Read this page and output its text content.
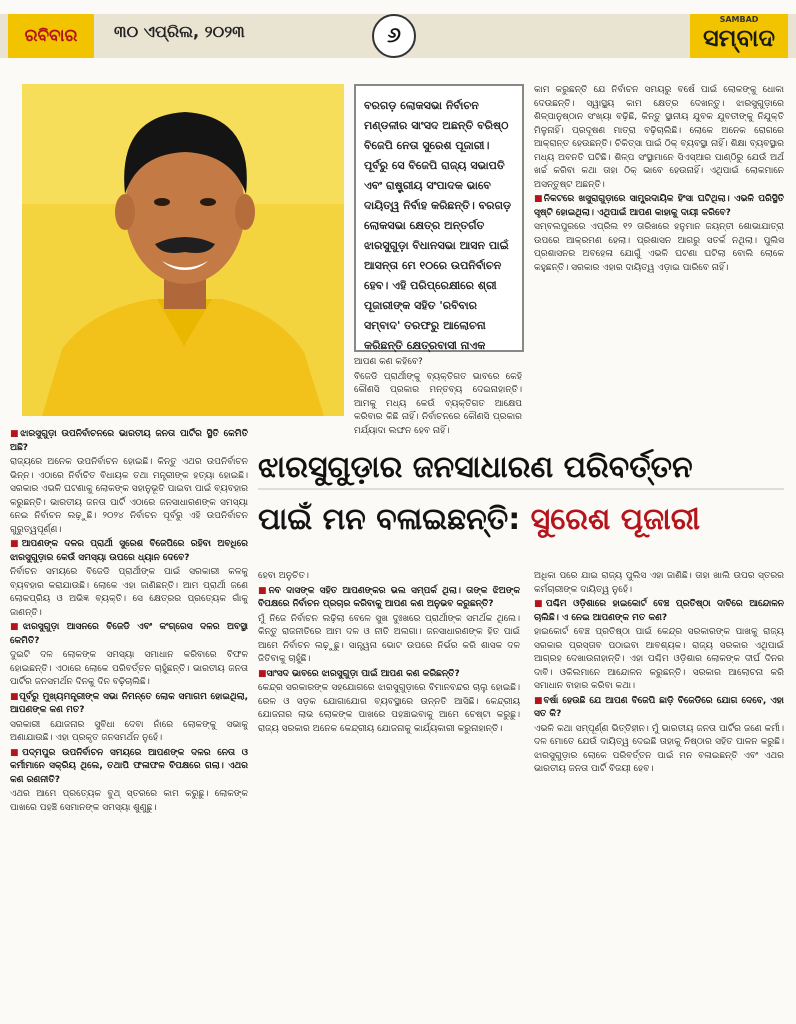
ରବିବାର	୩୦ ଏପ୍ରିଲ, ୨୦୨୩	୬
SAMBAD
ସମ୍ବାଦ
ବରଗଡ଼ ଲୋକସଭା ନିର୍ବାଚନ ମଣ୍ଡଳୀର ସାଂସଦ ଅଛନ୍ତି ବରିଷ୍ଠ ବିଜେପି ନେତା ସୁରେଶ ପୂଜାରୀ। ପୂର୍ବରୁ ସେ ବିଜେପି ରାଜ୍ୟ ସଭାପତି ଏବଂ ରାଷ୍ଟ୍ରୀୟ ସଂପାଦକ ଭାବେ ଦାୟିତ୍ୱ ନିର୍ବାହ କରିଛନ୍ତି। ବରଗଡ଼ ଲୋକସଭା କ୍ଷେତ୍ର ଅନ୍ତର୍ଗତ ଝାରସୁଗୁଡ଼ା ବିଧାନସଭା ଆସନ ପାଇଁ ଆସନ୍ତା ମେ ୧୦ରେ ଉପନିର୍ବାଚନ ହେବ। ଏହି ପରିପ୍ରେକ୍ଷୀରେ ଶ୍ରୀ ପୂଜାରୀଙ୍କ ସହିତ 'ରବିବାର ସମ୍ବାଦ' ତରଫରୁ ଆଲୋଚନା କରିଛନ୍ତି କ୍ଷେତ୍ରବାସୀ ନାଏକ

ଆପଣ କଣ କହିବେ?

ବିଜେଡି ପ୍ରାର୍ଥୀଙ୍କୁ ବ୍ୟକ୍ତିଗତ ଭାବରେ କେହି କୌଣସି ପ୍ରକାର ମନ୍ତବ୍ୟ ଦେଇନାହାନ୍ତି। ଆମକୁ ମଧ୍ୟ କେଉଁ ବ୍ୟକ୍ତିଗତ ଆକ୍ଷେପ କରିବାର କିଛି ନାହିଁ। ନିର୍ବାଚନରେ କୌଣସି ପ୍ରକାର ମର୍ଯ୍ୟାଦା ଲଙ୍ଘନ ହେବ ନାହିଁ।

କାମ କରୁଛନ୍ତି ଯେ ନିର୍ବାଚନ ସମୟରୁ ବର୍ଷେ ପାଇଁ ଲୋକଙ୍କୁ ଧୋକା ଦେଉଛନ୍ତି। ସ୍ୱାସ୍ଥ୍ୟ କାମ କ୍ଷେତ୍ର ଦେଖନ୍ତୁ। ଝାରସୁଗୁଡ଼ାରେ ଶିଳ୍ପାନୁଷ୍ଠାନ ସଂଖ୍ୟା ବଢ଼ିଛି, କିନ୍ତୁ ସ୍ଥାନୀୟ ଯୁବକ ଯୁବତୀଙ୍କୁ ନିଯୁକ୍ତି ମିଳୁନାହିଁ। ପ୍ରଦୂଷଣ ମାତ୍ରା ବଢ଼ିଚାଲିଛି। ଲୋକେ ଅନେକ ରୋଗରେ ଆକ୍ରାନ୍ତ ହେଉଛନ୍ତି। ଚିକିତ୍ସା ପାଇଁ ଠିକ୍ ବ୍ୟବସ୍ଥା ନାହିଁ। ଶିକ୍ଷା ବ୍ୟବସ୍ଥାର ମଧ୍ୟ ଅବନତି ଘଟିଛି। ଶିଳ୍ପ ସଂସ୍ଥାମାନେ ସିଏସ୍ଆର ପାଣ୍ଠିରୁ ଯେଉଁ ଅର୍ଥ ଖର୍ଚ୍ଚ କରିବା କଥା ତାହା ଠିକ୍ ଭାବେ ହେଉନାହିଁ। ଏଥିପାଇଁ ଲୋକମାନେ ଅସନ୍ତୁଷ୍ଟ ଅଛନ୍ତି।

■ ନିକଟରେ ଖସୁରାଗୁଡ଼ାରେ ସାମ୍ପ୍ରଦାୟିକ ହିଂସା ଘଟିଥିଲା। ଏଭଳି ପରିସ୍ଥିତି ସୃଷ୍ଟି ହୋଇଥିଲା। ଏଥିପାଇଁ ଆପଣ କାହାକୁ ଦାୟୀ କରିବେ?

ସମ୍ବଲପୁରରେ ଏପ୍ରିଲ ୧୨ ତାରିଖରେ ହନୁମାନ ଜୟନ୍ତୀ ଶୋଭାଯାତ୍ରା ଉପରେ ଆକ୍ରମଣ ହେଲା। ପ୍ରଶାସନ ଆଗରୁ ସତର୍କ ନଥିଲା। ପୁଲିସ ପ୍ରଶାସନର ଅବହେଳା ଯୋଗୁଁ ଏଭଳି ଘଟଣା ଘଟିଲା ବୋଲି ଲୋକେ କହୁଛନ୍ତି। ସରକାର ଏହାର ଦାୟିତ୍ୱ ଏଡ଼ାଇ ପାରିବେ ନାହିଁ।

■ ଝାରସୁଗୁଡ଼ା ଉପନିର୍ବାଚନରେ ଭାରତୀୟ ଜନତା ପାର୍ଟିର ସ୍ଥିତି କେମିତି ଅଛି?

ରାଜ୍ୟରେ ଅନେକ ଉପନିର୍ବାଚନ ହୋଇଛି। କିନ୍ତୁ ଏଥର ଉପନିର୍ବାଚନ ଭିନ୍ନ। ଏଠାରେ ନିର୍ବାଚିତ ବିଧାୟକ ତଥା ମନ୍ତ୍ରୀଙ୍କ ହତ୍ୟା ହୋଇଛି। ସରକାର ଏଭଳି ଘଟଣାକୁ ଲୋକଙ୍କ ସହାନୁଭୂତି ପାଇବା ପାଇଁ ବ୍ୟବହାର କରୁଛନ୍ତି। ଭାରତୀୟ ଜନତା ପାର୍ଟି ଏଠାରେ ଜନସାଧାରଣଙ୍କ ସମସ୍ୟା ନେଇ ନିର୍ବାଚନ ଲଢ଼ୁଛି। ୨୦୨୪ ନିର୍ବାଚନ ପୂର୍ବରୁ ଏହି ଉପନିର୍ବାଚନ ଗୁରୁତ୍ୱପୂର୍ଣ୍ଣ।

■ ଆପଣଙ୍କ ଦଳର ପ୍ରାର୍ଥୀ ସୁରେଶ ବିଜେପିରେ ରହିବା ଅବଧିରେ ଝାରସୁଗୁଡ଼ାର କେଉଁ ସମସ୍ୟା ଉପରେ ଧ୍ୟାନ ଦେବେ?

ନିର୍ବାଚନ ସମୟରେ ବିଜେଡି ପ୍ରାର୍ଥୀଙ୍କ ପାଇଁ ସରକାରୀ କଳକୁ ବ୍ୟବହାର କରାଯାଉଛି। ଲୋକେ ଏହା ଜାଣିଛନ୍ତି। ଆମ ପ୍ରାର୍ଥୀ ଜଣେ ଲୋକପ୍ରିୟ ଓ ଅଭିଜ୍ଞ ବ୍ୟକ୍ତି। ସେ କ୍ଷେତ୍ରର ପ୍ରତ୍ୟେକ ଗାଁକୁ ଜାଣନ୍ତି।

■ ଝାରସୁଗୁଡ଼ା ଆସନରେ ବିଜେଡି ଏବଂ କଂଗ୍ରେସ ଦଳର ଅବସ୍ଥା କେମିତି?

ଦୁଇଟି ଦଳ ଲୋକଙ୍କ ସମସ୍ୟା ସମାଧାନ କରିବାରେ ବିଫଳ ହୋଇଛନ୍ତି। ଏଠାରେ ଲୋକେ ପରିବର୍ତ୍ତନ ଚାହୁଁଛନ୍ତି। ଭାରତୀୟ ଜନତା ପାର୍ଟିର ଜନସମର୍ଥନ ଦିନକୁ ଦିନ ବଢ଼ିଚାଲିଛି।

■ ପୂର୍ବରୁ ମୁଖ୍ୟମନ୍ତ୍ରୀଙ୍କ ସଭା ନିମନ୍ତେ ଲୋକ ସମାଗମ ହୋଇଥିଲା, ଆପଣଙ୍କ କଣ ମତ?

ସରକାରୀ ଯୋଜନାର ସୁବିଧା ଦେବା ନାଁରେ ଲୋକଙ୍କୁ ସଭାକୁ ଅଣାଯାଉଛି। ଏହା ପ୍ରକୃତ ଜନସମର୍ଥନ ନୁହେଁ।

■ ପଦ୍ମପୁର ଉପନିର୍ବାଚନ ସମୟରେ ଆପଣଙ୍କ ଦଳର ନେତା ଓ କର୍ମୀମାନେ ସକ୍ରିୟ ଥିଲେ, ତଥାପି ଫଳାଫଳ ବିପକ୍ଷରେ ଗଲା। ଏଥର କଣ ରଣନୀତି?

ଏଥର ଆମେ ପ୍ରତ୍ୟେକ ବୁଥ୍ ସ୍ତରରେ କାମ କରୁଛୁ। ଲୋକଙ୍କ ପାଖରେ ପହଞ୍ଚି ସେମାନଙ୍କ ସମସ୍ୟା ଶୁଣୁଛୁ।

ଝାରସୁଗୁଡ଼ାର ଜନସାଧାରଣ ପରିବର୍ତ୍ତନ
ପାଇଁ ମନ ବଳାଇଛନ୍ତି: ସୁରେଶ ପୂଜାରୀ

ହେବା ଅନୁଚିତ।

■ ନବ ଦାସଙ୍କ ସହିତ ଆପଣଙ୍କର ଭଲ ସମ୍ପର୍କ ଥିଲା। ତାଙ୍କ ଝିଅଙ୍କ ବିପକ୍ଷରେ ନିର୍ବାଚନ ପ୍ରଚାର କରିବାକୁ ଆପଣ କଣ ଅନୁଭବ କରୁଛନ୍ତି?

ମୁଁ ନିଜେ ନିର୍ବାଚନ ଲଢ଼ିଲା ବେଳେ ସୁଖ ଦୁଃଖରେ ପ୍ରାର୍ଥୀଙ୍କ ସମର୍ଥକ ଥିଲେ। କିନ୍ତୁ ରାଜନୀତିରେ ଆମ ଦଳ ଓ ନୀତି ଅଲଗା। ଜନସାଧାରଣଙ୍କ ହିତ ପାଇଁ ଆମେ ନିର୍ବାଚନ ଲଢ଼ୁଛୁ। ସାନ୍ତ୍ୱନା ଭୋଟ ଉପରେ ନିର୍ଭର କରି ଶାସକ ଦଳ ଜିତିବାକୁ ଚାହୁଁଛି।

■ ସାଂସଦ ଭାବରେ ଝାରସୁଗୁଡ଼ା ପାଇଁ ଆପଣ କଣ କରିଛନ୍ତି?

କେନ୍ଦ୍ର ସରକାରଙ୍କ ସହଯୋଗରେ ଝାରସୁଗୁଡ଼ାରେ ବିମାନବନ୍ଦର ଚାଲୁ ହୋଇଛି। ରେଳ ଓ ସଡ଼କ ଯୋଗାଯୋଗ ବ୍ୟବସ୍ଥାରେ ଉନ୍ନତି ଆସିଛି। କେନ୍ଦ୍ରୀୟ ଯୋଜନାର ଲାଭ ଲୋକଙ୍କ ପାଖରେ ପହଞ୍ଚାଇବାକୁ ଆମେ ଚେଷ୍ଟା କରୁଛୁ। ରାଜ୍ୟ ସରକାର ଅନେକ କେନ୍ଦ୍ରୀୟ ଯୋଜନାକୁ କାର୍ଯ୍ୟକାରୀ କରୁନାହାନ୍ତି।

ଅଧିକା ପରେ ଯାଇ ରାଜ୍ୟ ପୁଲିସ ଏହା ଜାଣିଛି। ତାହା ଖାଲି ଉପର ସ୍ତରର କର୍ମଚାରୀଙ୍କ ଦାୟିତ୍ୱ ନୁହେଁ।

■ ପଶ୍ଚିମ ଓଡ଼ିଶାରେ ହାଇକୋର୍ଟ ବେଞ୍ଚ ପ୍ରତିଷ୍ଠା ଦାବିରେ ଆନ୍ଦୋଳନ ଚାଲିଛି। ଏ ନେଇ ଆପଣଙ୍କ ମତ କଣ?

ହାଇକୋର୍ଟ ବେଞ୍ଚ ପ୍ରତିଷ୍ଠା ପାଇଁ କେନ୍ଦ୍ର ସରକାରଙ୍କ ପାଖକୁ ରାଜ୍ୟ ସରକାର ପ୍ରସ୍ତାବ ପଠାଇବା ଆବଶ୍ୟକ। ରାଜ୍ୟ ସରକାର ଏଥିପାଇଁ ଆଗ୍ରହ ଦେଖାଉନାହାନ୍ତି। ଏହା ପଶ୍ଚିମ ଓଡ଼ିଶାର ଲୋକଙ୍କ ଦୀର୍ଘ ଦିନର ଦାବି। ଓକିଲମାନେ ଆନ୍ଦୋଳନ କରୁଛନ୍ତି। ସରକାର ଆଲୋଚନା କରି ସମାଧାନ ବାହାର କରିବା କଥା।

■ ବର୍ଷା ହେଉଛି ଯେ ଆପଣ ବିଜେପି ଛାଡ଼ି ବିଜେଡିରେ ଯୋଗ ଦେବେ, ଏହା ସତ କି?

ଏଭଳି କଥା ସମ୍ପୂର୍ଣ୍ଣ ଭିତ୍ତିହୀନ। ମୁଁ ଭାରତୀୟ ଜନତା ପାର୍ଟିର ଜଣେ କର୍ମୀ। ଦଳ ମୋତେ ଯେଉଁ ଦାୟିତ୍ୱ ଦେଇଛି ତାହାକୁ ନିଷ୍ଠାର ସହିତ ପାଳନ କରୁଛି। ଝାରସୁଗୁଡ଼ାର ଲୋକେ ପରିବର୍ତ୍ତନ ପାଇଁ ମନ ବଳାଇଛନ୍ତି ଏବଂ ଏଥର ଭାରତୀୟ ଜନତା ପାର୍ଟି ବିଜୟୀ ହେବ।
